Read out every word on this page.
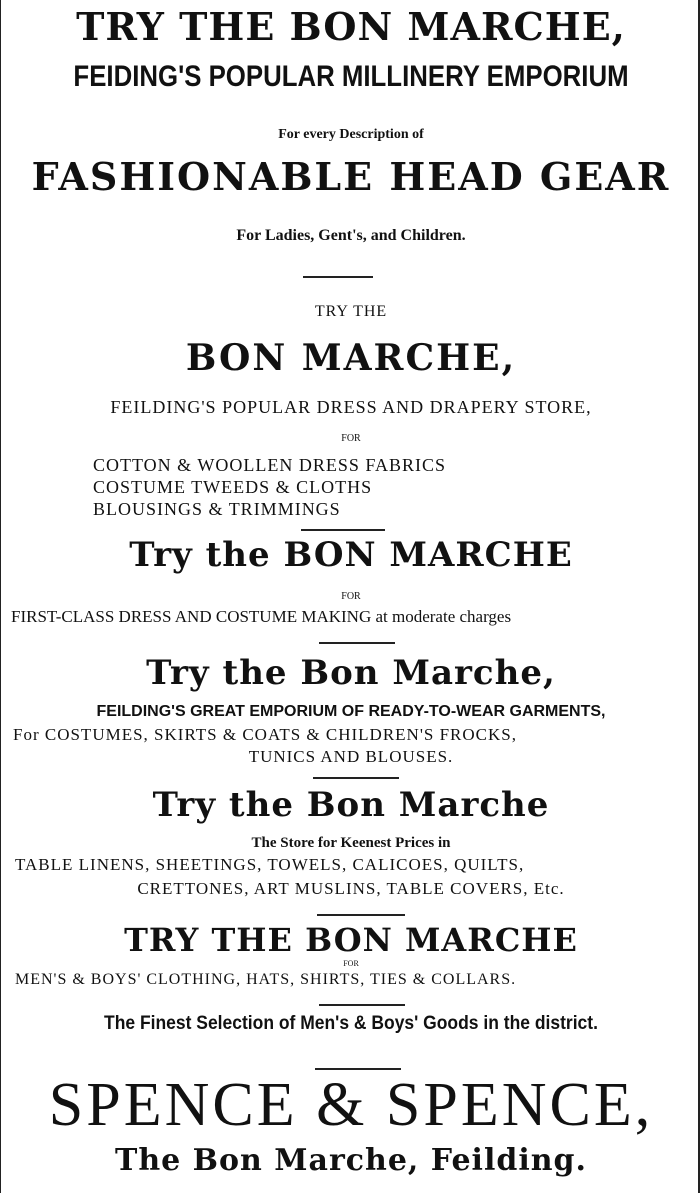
TRY THE BON MARCHE,
FEIDING'S POPULAR MILLINERY EMPORIUM
For every Description of
FASHIONABLE HEAD GEAR
For Ladies, Gent's, and Children.
TRY THE
BON MARCHE,
FEILDING'S POPULAR DRESS AND DRAPERY STORE,
FOR
COTTON & WOOLLEN DRESS FABRICS
COSTUME TWEEDS & CLOTHS
BLOUSINGS & TRIMMINGS
Try the BON MARCHE
FOR
FIRST-CLASS DRESS AND COSTUME MAKING at moderate charges
Try the Bon Marche,
FEILDING'S GREAT EMPORIUM OF READY-TO-WEAR GARMENTS,
For COSTUMES, SKIRTS & COATS & CHILDREN'S FROCKS,
TUNICS AND BLOUSES.
Try the Bon Marche
The Store for Keenest Prices in
TABLE LINENS, SHEETINGS, TOWELS, CALICOES, QUILTS,
CRETTONES, ART MUSLINS, TABLE COVERS, Etc.
TRY THE BON MARCHE
FOR
MEN'S & BOYS' CLOTHING, HATS, SHIRTS, TIES & COLLARS.
The Finest Selection of Men's & Boys' Goods in the district.
SPENCE & SPENCE,
The Bon Marche, Feilding.
